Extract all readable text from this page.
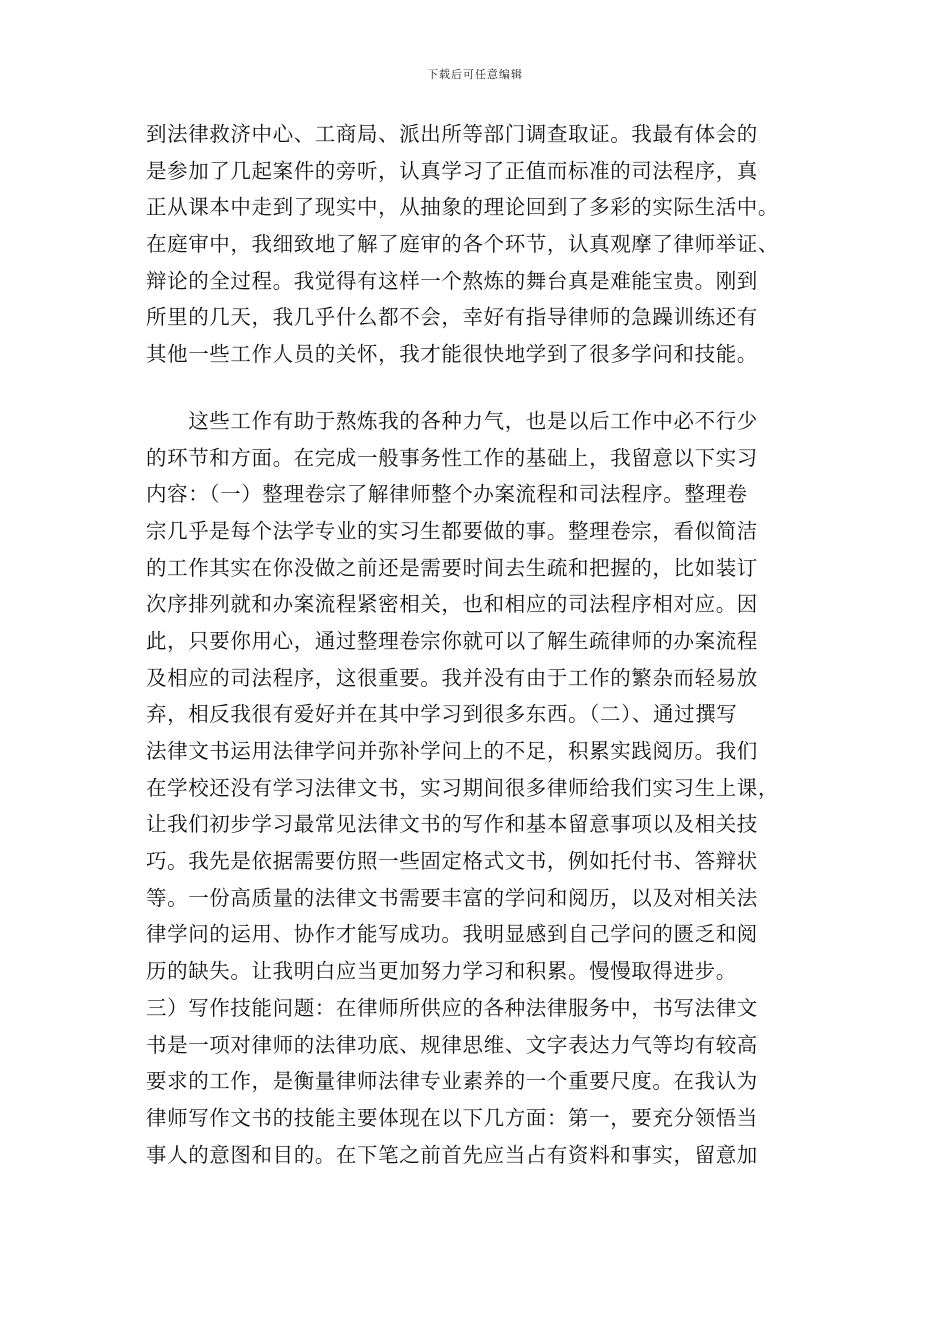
下载后可任意编辑
到法律救济中心、工商局、派出所等部门调查取证。我最有体会的
是参加了几起案件的旁听，认真学习了正值而标准的司法程序，真
正从课本中走到了现实中，从抽象的理论回到了多彩的实际生活中。
在庭审中，我细致地了解了庭审的各个环节，认真观摩了律师举证、
辩论的全过程。我觉得有这样一个熬炼的舞台真是难能宝贵。刚到
所里的几天，我几乎什么都不会，幸好有指导律师的急躁训练还有
其他一些工作人员的关怀，我才能很快地学到了很多学问和技能。
　　这些工作有助于熬炼我的各种力气，也是以后工作中必不行少
的环节和方面。在完成一般事务性工作的基础上，我留意以下实习
内容：（一）整理卷宗了解律师整个办案流程和司法程序。整理卷
宗几乎是每个法学专业的实习生都要做的事。整理卷宗，看似简洁
的工作其实在你没做之前还是需要时间去生疏和把握的，比如装订
次序排列就和办案流程紧密相关，也和相应的司法程序相对应。因
此，只要你用心，通过整理卷宗你就可以了解生疏律师的办案流程
及相应的司法程序，这很重要。我并没有由于工作的繁杂而轻易放
弃，相反我很有爱好并在其中学习到很多东西。（二）、通过撰写
法律文书运用法律学问并弥补学问上的不足，积累实践阅历。我们
在学校还没有学习法律文书，实习期间很多律师给我们实习生上课，
让我们初步学习最常见法律文书的写作和基本留意事项以及相关技
巧。我先是依据需要仿照一些固定格式文书，例如托付书、答辩状
等。一份高质量的法律文书需要丰富的学问和阅历，以及对相关法
律学问的运用、协作才能写成功。我明显感到自己学问的匮乏和阅
历的缺失。让我明白应当更加努力学习和积累。慢慢取得进步。
三）写作技能问题：在律师所供应的各种法律服务中，书写法律文
书是一项对律师的法律功底、规律思维、文字表达力气等均有较高
要求的工作，是衡量律师法律专业素养的一个重要尺度。在我认为
律师写作文书的技能主要体现在以下几方面：第一，要充分领悟当
事人的意图和目的。在下笔之前首先应当占有资料和事实，留意加
